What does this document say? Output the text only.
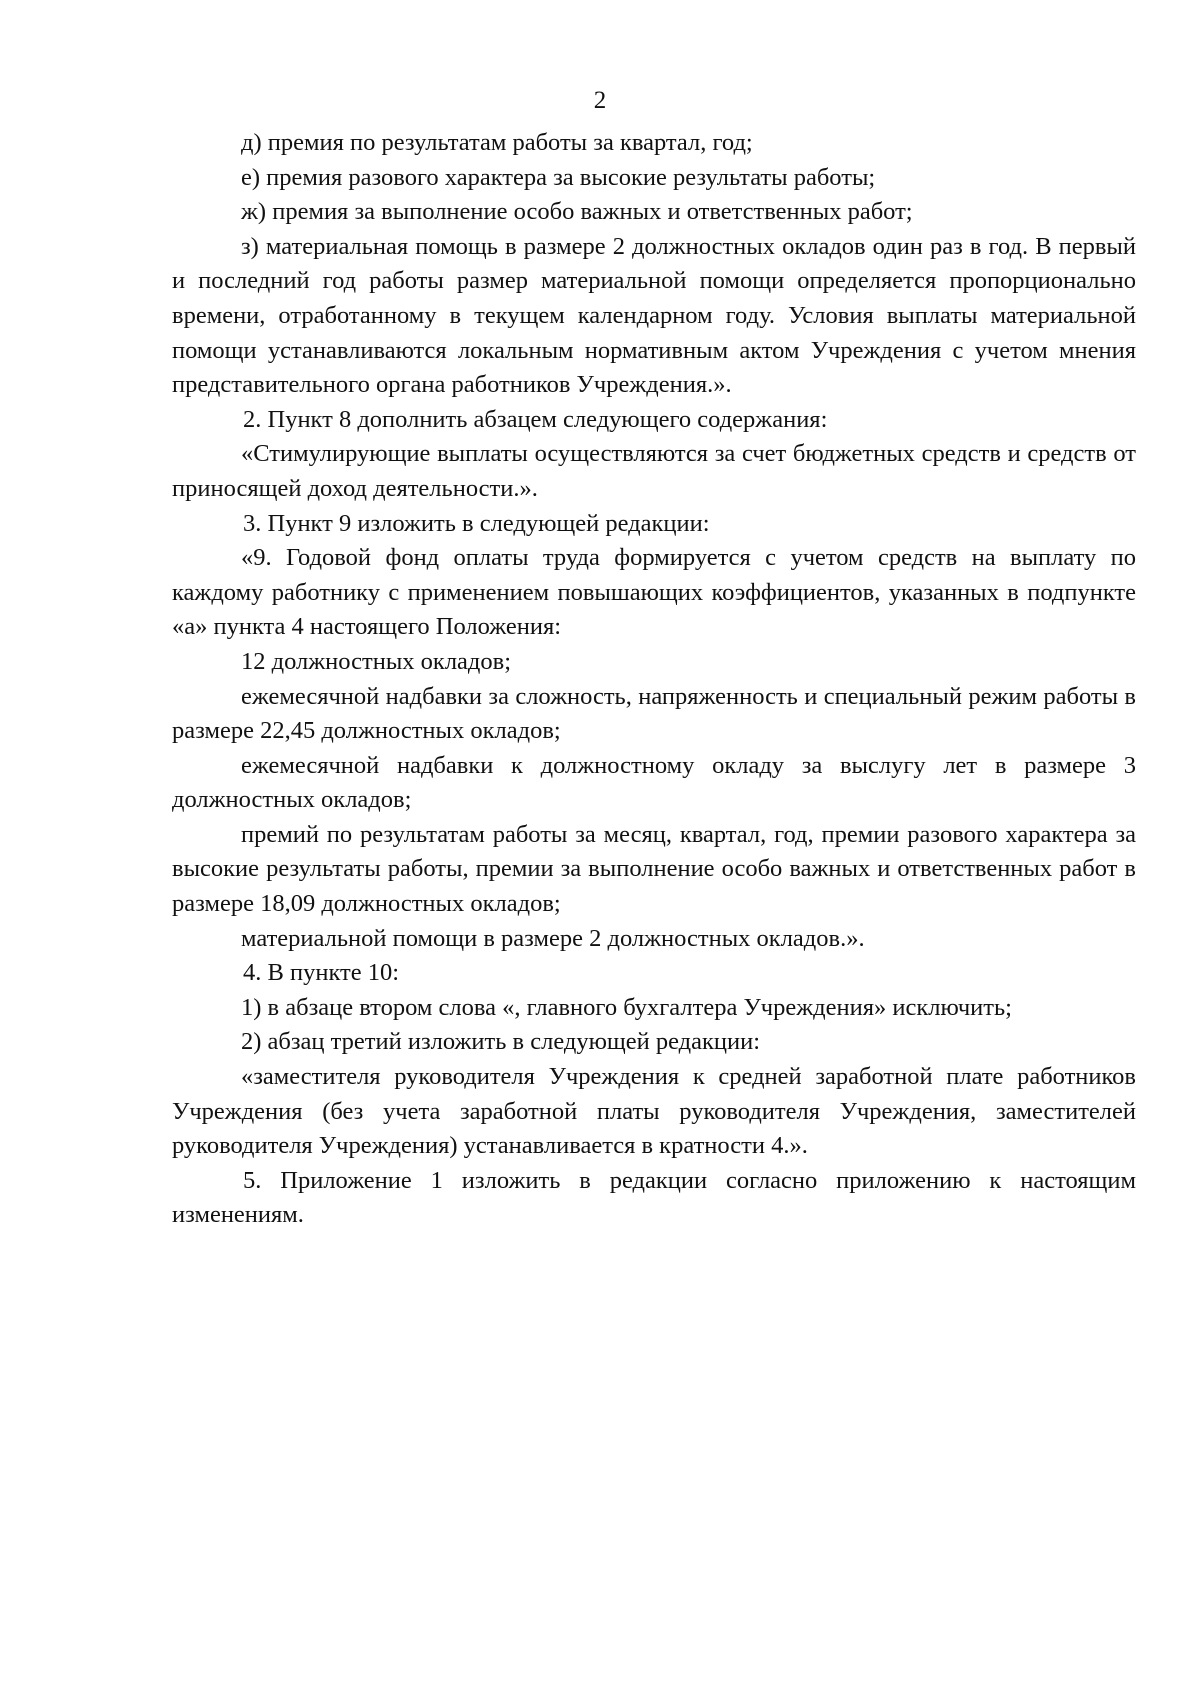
2

д) премия по результатам работы за квартал, год;

е) премия разового характера за высокие результаты работы;

ж) премия за выполнение особо важных и ответственных работ;

з) материальная помощь в размере 2 должностных окладов один раз в год. В первый и последний год работы размер материальной помощи определяется пропорционально времени, отработанному в текущем календарном году. Условия выплаты материальной помощи устанавливаются локальным нормативным актом Учреждения с учетом мнения представительного органа работников Учреждения.».

2. Пункт 8 дополнить абзацем следующего содержания:

«Стимулирующие выплаты осуществляются за счет бюджетных средств и средств от приносящей доход деятельности.».

3. Пункт 9 изложить в следующей редакции:

«9. Годовой фонд оплаты труда формируется с учетом средств на выплату по каждому работнику с применением повышающих коэффициентов, указанных в подпункте «а» пункта 4 настоящего Положения:

12 должностных окладов;

ежемесячной надбавки за сложность, напряженность и специальный режим работы в размере 22,45 должностных окладов;

ежемесячной надбавки к должностному окладу за выслугу лет в размере 3 должностных окладов;

премий по результатам работы за месяц, квартал, год, премии разового характера за высокие результаты работы, премии за выполнение особо важных и ответственных работ в размере 18,09 должностных окладов;

материальной помощи в размере 2 должностных окладов.».

4. В пункте 10:

1) в абзаце втором слова «, главного бухгалтера Учреждения» исключить;

2) абзац третий изложить в следующей редакции:

«заместителя руководителя Учреждения к средней заработной плате работников Учреждения (без учета заработной платы руководителя Учреждения, заместителей руководителя Учреждения) устанавливается в кратности 4.».

5. Приложение 1 изложить в редакции согласно приложению к настоящим изменениям.
